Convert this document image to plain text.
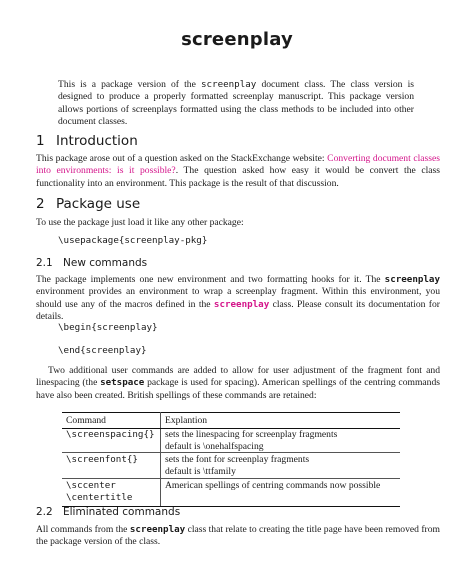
screenplay
This is a package version of the screenplay document class. The class version is designed to produce a properly formatted screenplay manuscript. This package version allows portions of screenplays formatted using the class methods to be included into other document classes.
1 Introduction
This package arose out of a question asked on the StackExchange website: Converting document classes into environments: is it possible?. The question asked how easy it would be convert the class functionality into an environment. This package is the result of that discussion.
2 Package use
To use the package just load it like any other package:
\usepackage{screenplay-pkg}
2.1 New commands
The package implements one new environment and two formatting hooks for it. The screenplay environment provides an environment to wrap a screenplay fragment. Within this environment, you should use any of the macros defined in the screenplay class. Please consult its documentation for details.
\begin{screenplay}
\end{screenplay}
Two additional user commands are added to allow for user adjustment of the fragment font and linespacing (the setspace package is used for spacing). American spellings of the centring commands have also been created. British spellings of these commands are retained:
Command	Explantion

\screenspacing{}	sets the linespacing for screenplay fragments
default is \onehalfspacing

\screenfont{}	sets the font for screenplay fragments
default is \ttfamily

\sccenter
\centertitle	American spellings of centring commands now possible
2.2 Eliminated commands
All commands from the screenplay class that relate to creating the title page have been removed from the package version of the class.
